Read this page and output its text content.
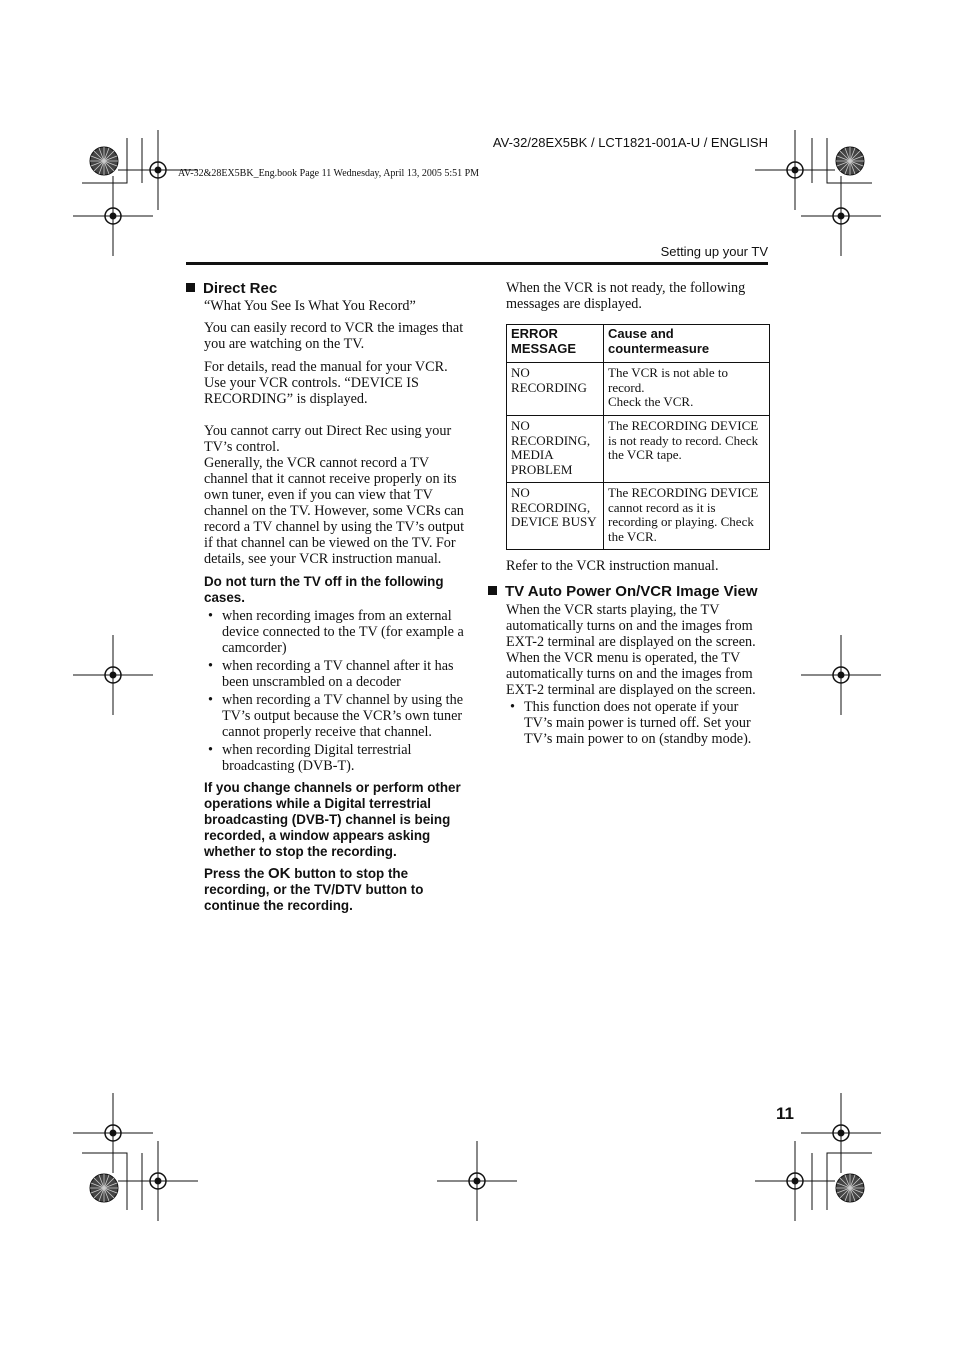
AV-32/28EX5BK / LCT1821-001A-U / ENGLISH
AV-32&28EX5BK_Eng.book Page 11 Wednesday, April 13, 2005 5:51 PM
Setting up your TV
Direct Rec

“What You See Is What You Record”

You can easily record to VCR the images that you are watching on the TV.

For details, read the manual for your VCR. Use your VCR controls. “DEVICE IS RECORDING” is displayed.

You cannot carry out Direct Rec using your TV’s control.

Generally, the VCR cannot record a TV channel that it cannot receive properly on its own tuner, even if you can view that TV channel on the TV. However, some VCRs can record a TV channel by using the TV’s output if that channel can be viewed on the TV. For details, see your VCR instruction manual.

Do not turn the TV off in the following cases.

• when recording images from an external device connected to the TV (for example a camcorder)
• when recording a TV channel after it has been unscrambled on a decoder
• when recording a TV channel by using the TV’s output because the VCR’s own tuner cannot properly receive that channel.
• when recording Digital terrestrial broadcasting (DVB-T).

If you change channels or perform other operations while a Digital terrestrial broadcasting (DVB-T) channel is being recorded, a window appears asking whether to stop the recording.

Press the OK button to stop the recording, or the TV/DTV button to continue the recording.

When the VCR is not ready, the following messages are displayed.

ERROR MESSAGE	Cause and countermeasure
NO RECORDING	The VCR is not able to record.
Check the VCR.
NO RECORDING, MEDIA PROBLEM	The RECORDING DEVICE is not ready to record. Check the VCR tape.
NO RECORDING, DEVICE BUSY	The RECORDING DEVICE cannot record as it is recording or playing. Check the VCR.

Refer to the VCR instruction manual.

TV Auto Power On/VCR Image View

When the VCR starts playing, the TV automatically turns on and the images from EXT-2 terminal are displayed on the screen.

When the VCR menu is operated, the TV automatically turns on and the images from EXT-2 terminal are displayed on the screen.

• This function does not operate if your TV’s main power is turned off. Set your TV’s main power to on (standby mode).
11
